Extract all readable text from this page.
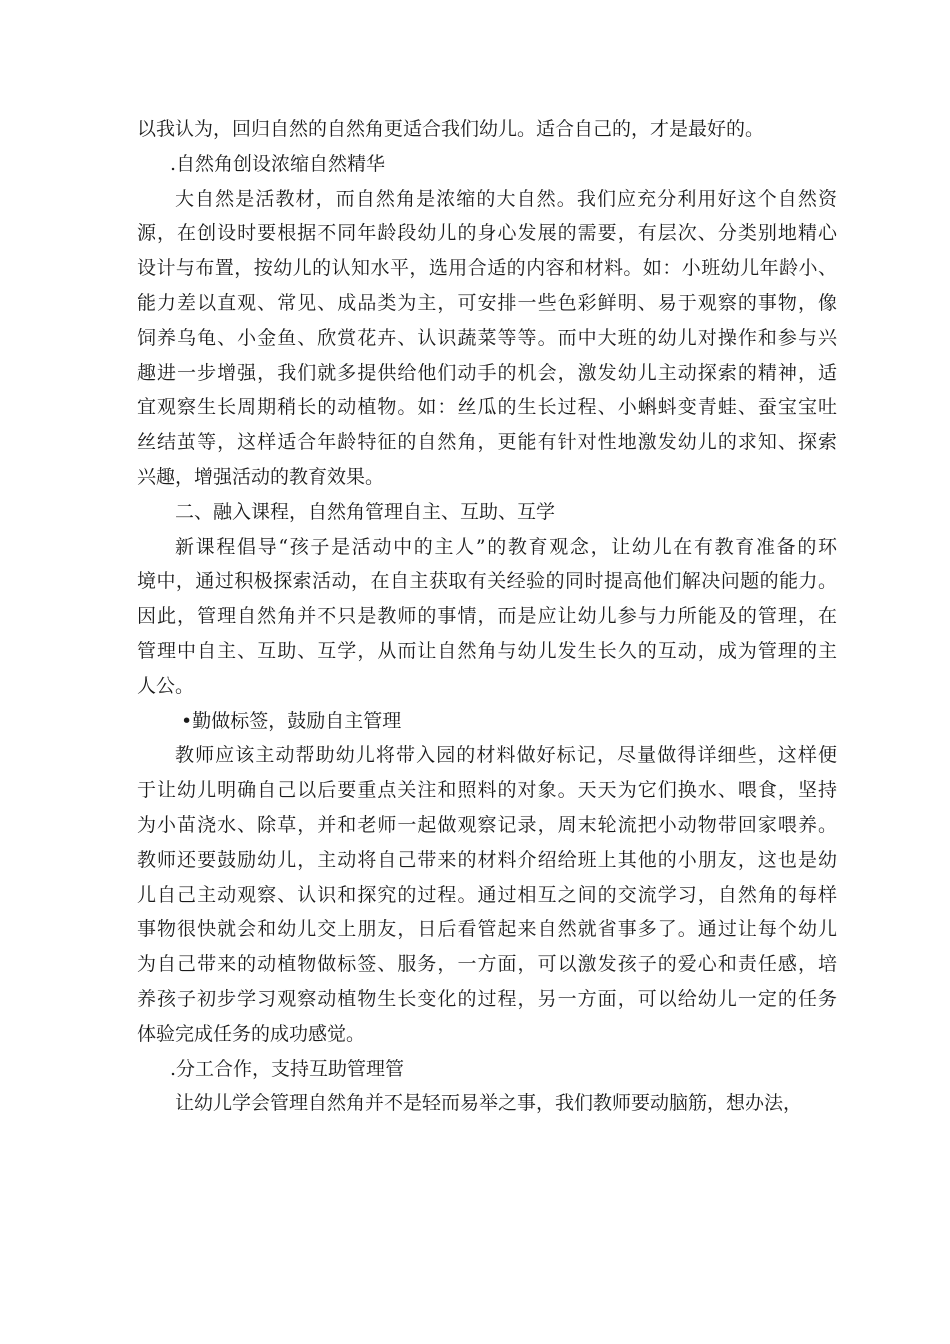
以我认为，回归自然的自然角更适合我们幼儿。适合自己的，才是最好的。
.自然角创设浓缩自然精华
大自然是活教材，而自然角是浓缩的大自然。我们应充分利用好这个自然资
源，在创设时要根据不同年龄段幼儿的身心发展的需要，有层次、分类别地精心
设计与布置，按幼儿的认知水平，选用合适的内容和材料。如：小班幼儿年龄小、
能力差以直观、常见、成品类为主，可安排一些色彩鲜明、易于观察的事物，像
饲养乌龟、小金鱼、欣赏花卉、认识蔬菜等等。而中大班的幼儿对操作和参与兴
趣进一步增强，我们就多提供给他们动手的机会，激发幼儿主动探索的精神，适
宜观察生长周期稍长的动植物。如：丝瓜的生长过程、小蝌蚪变青蛙、蚕宝宝吐
丝结茧等，这样适合年龄特征的自然角，更能有针对性地激发幼儿的求知、探索
兴趣，增强活动的教育效果。
二、融入课程，自然角管理自主、互助、互学
新课程倡导“孩子是活动中的主人”的教育观念，让幼儿在有教育准备的环
境中，通过积极探索活动，在自主获取有关经验的同时提高他们解决问题的能力。
因此，管理自然角并不只是教师的事情，而是应让幼儿参与力所能及的管理，在
管理中自主、互助、互学，从而让自然角与幼儿发生长久的互动，成为管理的主
人公。
•勤做标签，鼓励自主管理
教师应该主动帮助幼儿将带入园的材料做好标记，尽量做得详细些，这样便
于让幼儿明确自己以后要重点关注和照料的对象。天天为它们换水、喂食，坚持
为小苗浇水、除草，并和老师一起做观察记录，周末轮流把小动物带回家喂养。
教师还要鼓励幼儿，主动将自己带来的材料介绍给班上其他的小朋友，这也是幼
儿自己主动观察、认识和探究的过程。通过相互之间的交流学习，自然角的每样
事物很快就会和幼儿交上朋友，日后看管起来自然就省事多了。通过让每个幼儿
为自己带来的动植物做标签、服务，一方面，可以激发孩子的爱心和责任感，培
养孩子初步学习观察动植物生长变化的过程，另一方面，可以给幼儿一定的任务
体验完成任务的成功感觉。
.分工合作，支持互助管理管
让幼儿学会管理自然角并不是轻而易举之事，我们教师要动脑筋，想办法，
